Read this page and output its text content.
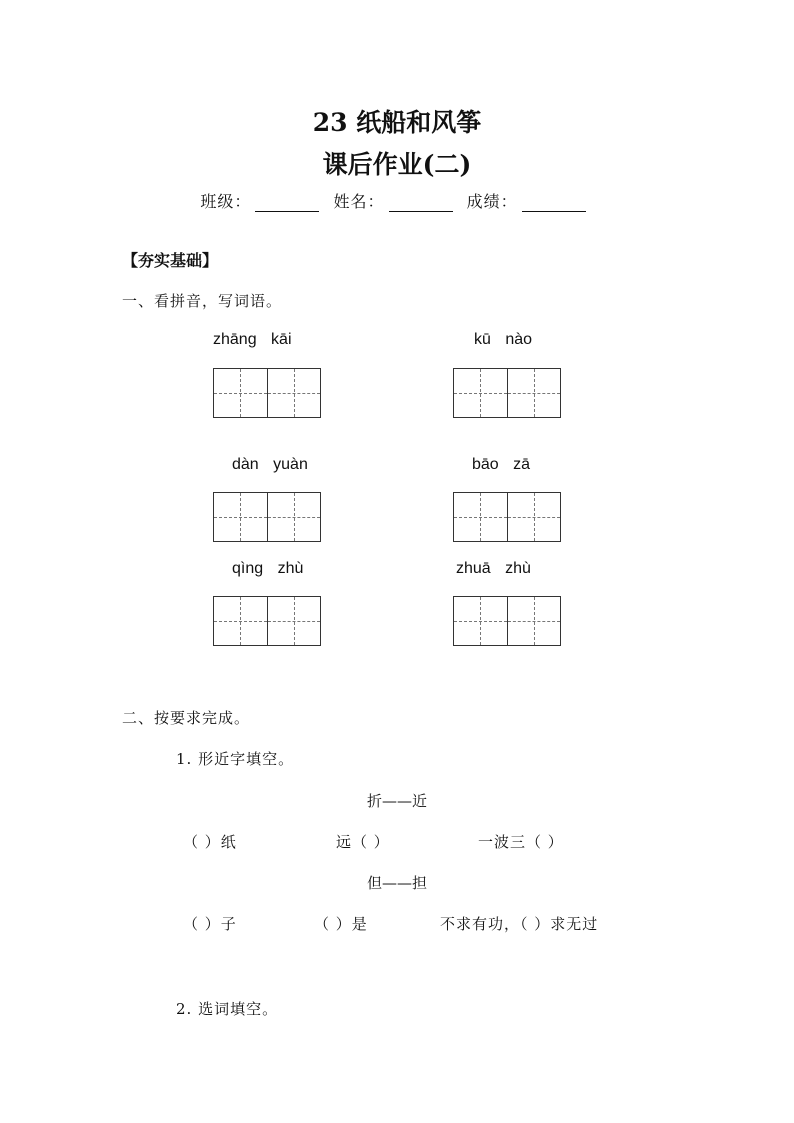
23 纸船和风筝
课后作业(二)
班级：	姓名：	成绩：
【夯实基础】
一、看拼音，写词语。
zhāng kāi	kū nào
dàn yuàn	bāo zā
qìng zhù	zhuā zhù
二、按要求完成。
1. 形近字填空。
折——近
（ ）纸	远（ ）	一波三（ ）
但——担
（ ）子	（ ）是	不求有功，（ ）求无过
2. 选词填空。
